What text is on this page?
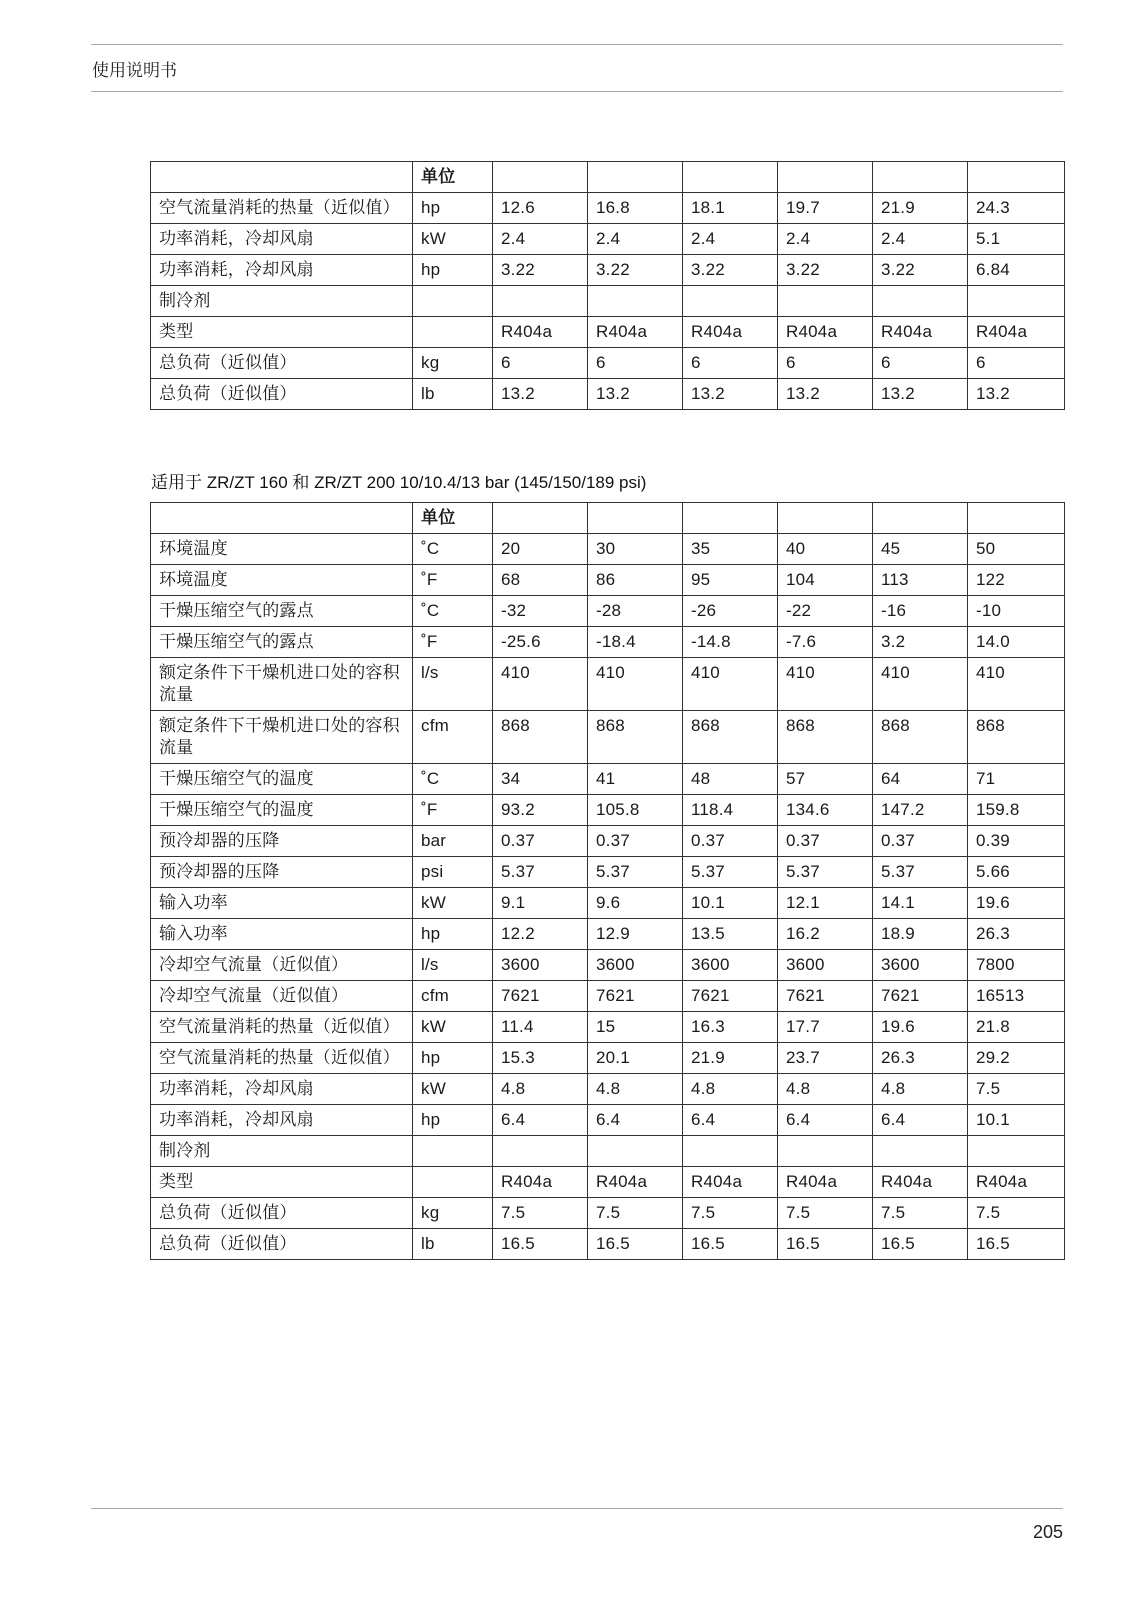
使用说明书
	单位						
空气流量消耗的热量（近似值）	hp	12.6	16.8	18.1	19.7	21.9	24.3
功率消耗，冷却风扇	kW	2.4	2.4	2.4	2.4	2.4	5.1
功率消耗，冷却风扇	hp	3.22	3.22	3.22	3.22	3.22	6.84
制冷剂							
类型		R404a	R404a	R404a	R404a	R404a	R404a
总负荷（近似值）	kg	6	6	6	6	6	6
总负荷（近似值）	lb	13.2	13.2	13.2	13.2	13.2	13.2
适用于 ZR/ZT 160 和 ZR/ZT 200 10/10.4/13 bar (145/150/189 psi)
	单位						
环境温度	˚C	20	30	35	40	45	50
环境温度	˚F	68	86	95	104	113	122
干燥压缩空气的露点	˚C	-32	-28	-26	-22	-16	-10
干燥压缩空气的露点	˚F	-25.6	-18.4	-14.8	-7.6	3.2	14.0
额定条件下干燥机进口处的容积流量	l/s	410	410	410	410	410	410
额定条件下干燥机进口处的容积流量	cfm	868	868	868	868	868	868
干燥压缩空气的温度	˚C	34	41	48	57	64	71
干燥压缩空气的温度	˚F	93.2	105.8	118.4	134.6	147.2	159.8
预冷却器的压降	bar	0.37	0.37	0.37	0.37	0.37	0.39
预冷却器的压降	psi	5.37	5.37	5.37	5.37	5.37	5.66
输入功率	kW	9.1	9.6	10.1	12.1	14.1	19.6
输入功率	hp	12.2	12.9	13.5	16.2	18.9	26.3
冷却空气流量（近似值）	l/s	3600	3600	3600	3600	3600	7800
冷却空气流量（近似值）	cfm	7621	7621	7621	7621	7621	16513
空气流量消耗的热量（近似值）	kW	11.4	15	16.3	17.7	19.6	21.8
空气流量消耗的热量（近似值）	hp	15.3	20.1	21.9	23.7	26.3	29.2
功率消耗，冷却风扇	kW	4.8	4.8	4.8	4.8	4.8	7.5
功率消耗，冷却风扇	hp	6.4	6.4	6.4	6.4	6.4	10.1
制冷剂							
类型		R404a	R404a	R404a	R404a	R404a	R404a
总负荷（近似值）	kg	7.5	7.5	7.5	7.5	7.5	7.5
总负荷（近似值）	lb	16.5	16.5	16.5	16.5	16.5	16.5
205
